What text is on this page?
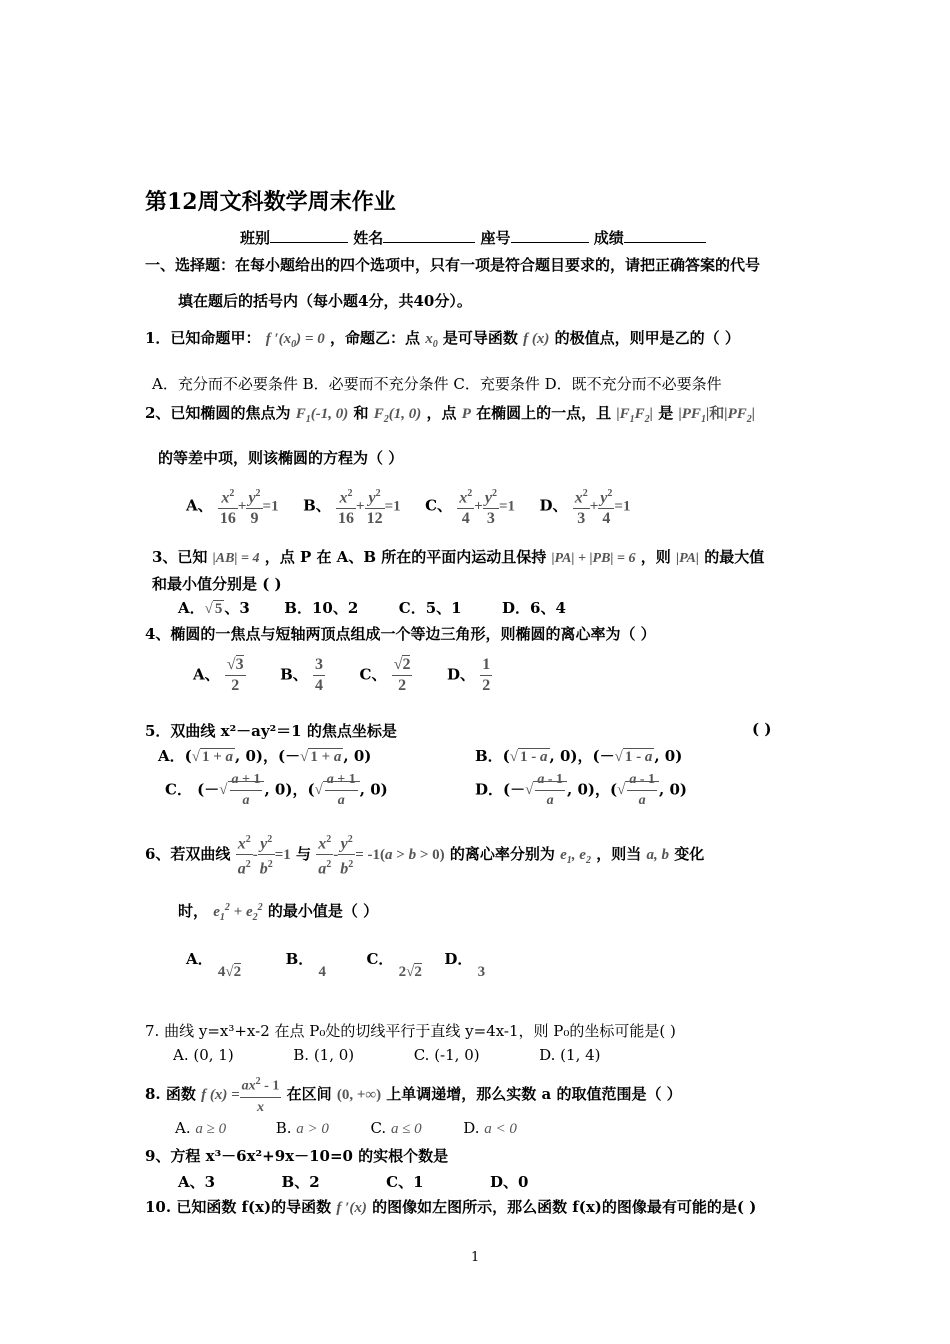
第12周文科数学周末作业
班别	姓名	座号	成绩
一、选择题：在每小题给出的四个选项中，只有一项是符合题目要求的，请把正确答案的代号
填在题后的括号内（每小题4分，共40分）。
1．已知命题甲： f $'(x_0) = 0$ ，命题乙：点 $x_0$ 是可导函数 f (x) 的极值点，则甲是乙的（ ）
A．充分而不必要条件 B．必要而不充分条件 C．充要条件 D．既不充分而不必要条件
2、已知椭圆的焦点为 $F_1(-1$, 0) 和 $F_2(1$, 0) ，点 P 在椭圆上的一点，且 $|F_1F_2|$ 是 $|PF_1|$和$|PF_2|$
的等差中项，则该椭圆的方程为（ ）
A、 $\frac{x^2}{16} + \frac{y^2}{9} =1$ B、 $\frac{x^2}{16} + \frac{y^2}{12} =1$ C、 $\frac{x^2}{4} + \frac{y^2}{3} =1$ D、 $\frac{x^2}{3} + \frac{y^2}{4} =1$
3、已知 |AB| = 4 ，点 P 在 A、B 所在的平面内运动且保持 |PA| + |PB| = 6 ，则 |PA| 的最大值
和最小值分别是 ( )
A．√ 5 、3 B．10、2	C．5、1	D．6、4
4、椭圆的一焦点与短轴两顶点组成一个等边三角形，则椭圆的离心率为（ ）
A、 $\frac{√3}{2}$ B、 $\frac{3}{4}$ C、 $\frac{√2}{2}$ D、 $\frac{1}{2}$
5．双曲线 x²－ay²＝1 的焦点坐标是	( )
A．(√ 1 + a , 0)，(－√ 1 + a , 0)	B．(√ 1 - a , 0)，(－√ 1 - a , 0)
C． (－√ $\frac{a + 1}{a}$ , 0)，(√ $\frac{a + 1}{a}$ , 0)	D．(－√ $\frac{a - 1}{a}$ , 0)，(√ $\frac{a - 1}{a}$ , 0)
6、若双曲线 $\frac{x^2}{a^2} - \frac{y^2}{b^2} =1$ 与 $\frac{x^2}{a^2} - \frac{y^2}{b^2} = -1(a > b > 0)$ 的离心率分别为 $e_1$, $e_2$ ，则当 a, b 变化
时， $e_1^2 + e_2^2$ 的最小值是（ ）
A． 4√2  B． 4  C． 2√2  D． 3
7. 曲线 y=x³+x-2 在点 P₀处的切线平行于直线 y=4x-1，则 P₀的坐标可能是( )
A. (0, 1)	B. (1, 0)	C. (-1, 0)	D. (1, 4)
8. 函数 f $(x) = \frac{ax^2 - 1}{x}$ 在区间 (0, +∞) 上单调递增，那么实数 a 的取值范围是（ ）
A. a ≥ 0	B. a > 0	C. a ≤ 0	D. a < 0
9、方程 x³－6x²+9x－10=0 的实根个数是
A、3	B、2	C、1	D、0
10. 已知函数 f(x)的导函数 f ′(x) 的图像如左图所示，那么函数 f(x)的图像最有可能的是( )
1
